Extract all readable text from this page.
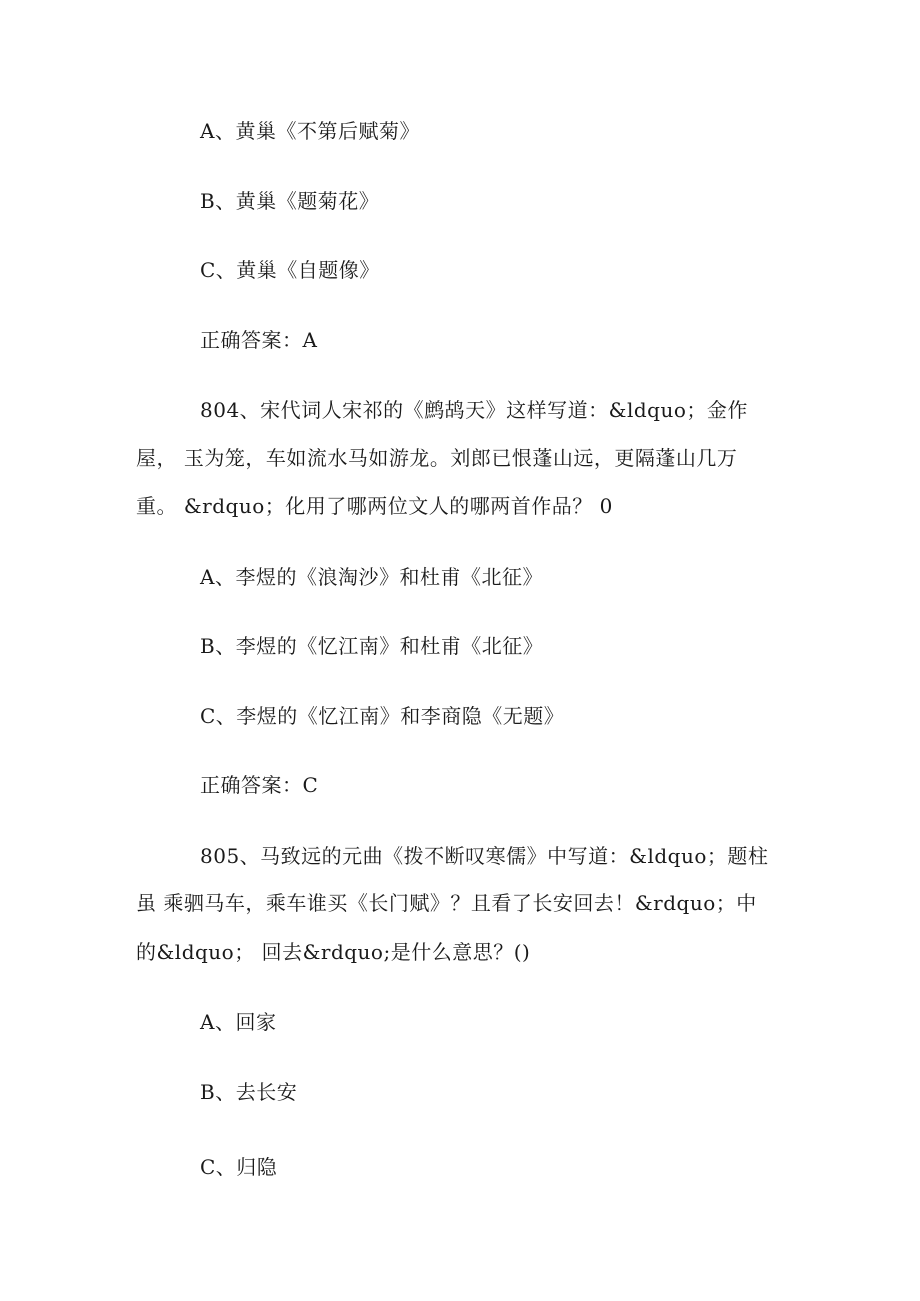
A、黄巢《不第后赋菊》
B、黄巢《题菊花》
C、黄巢《自题像》
正确答案：A
804、宋代词人宋祁的《鹧鸪天》这样写道：&ldquo；金作
屋， 玉为笼，车如流水马如游龙。刘郎已恨蓬山远，更隔蓬山几万
重。 &rdquo；化用了哪两位文人的哪两首作品？ 0
A、李煜的《浪淘沙》和杜甫《北征》
B、李煜的《忆江南》和杜甫《北征》
C、李煜的《忆江南》和李商隐《无题》
正确答案：C
805、马致远的元曲《拨不断叹寒儒》中写道：&ldquo；题柱
虽 乘驷马车，乘车谁买《长门赋》？且看了长安回去！&rdquo；中
的&ldquo； 回去&rdquo;是什么意思？()
A、回家
B、去长安
C、归隐
